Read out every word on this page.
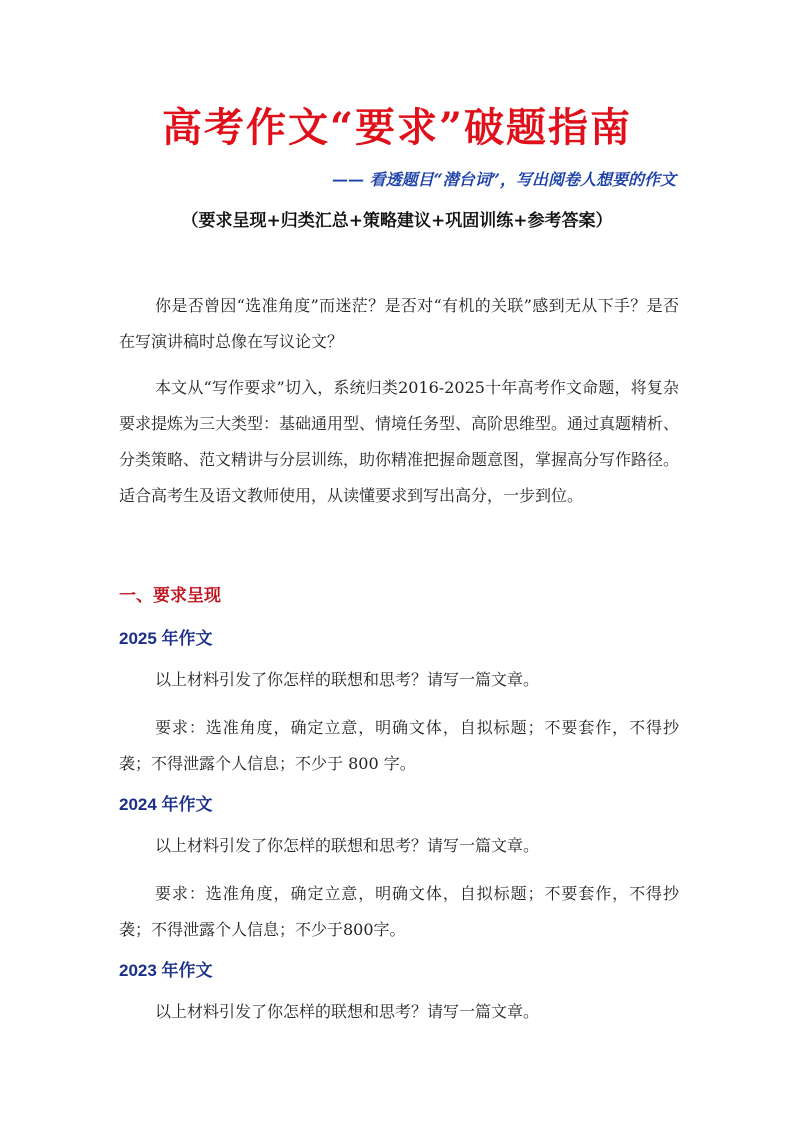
高考作文“要求”破题指南
—— 看透题目“潜台词”，写出阅卷人想要的作文
（要求呈现+归类汇总+策略建议+巩固训练+参考答案）
你是否曾因“选准角度”而迷茫？是否对“有机的关联”感到无从下手？是否在写演讲稿时总像在写议论文？
本文从“写作要求”切入，系统归类2016-2025十年高考作文命题，将复杂要求提炼为三大类型：基础通用型、情境任务型、高阶思维型。通过真题精析、分类策略、范文精讲与分层训练，助你精准把握命题意图，掌握高分写作路径。适合高考生及语文教师使用，从读懂要求到写出高分，一步到位。
一、要求呈现
2025 年作文
以上材料引发了你怎样的联想和思考？请写一篇文章。
要求：选准角度，确定立意，明确文体，自拟标题；不要套作，不得抄袭；不得泄露个人信息；不少于 800 字。
2024 年作文
以上材料引发了你怎样的联想和思考？请写一篇文章。
要求：选准角度，确定立意，明确文体，自拟标题；不要套作，不得抄袭；不得泄露个人信息；不少于800字。
2023 年作文
以上材料引发了你怎样的联想和思考？请写一篇文章。
